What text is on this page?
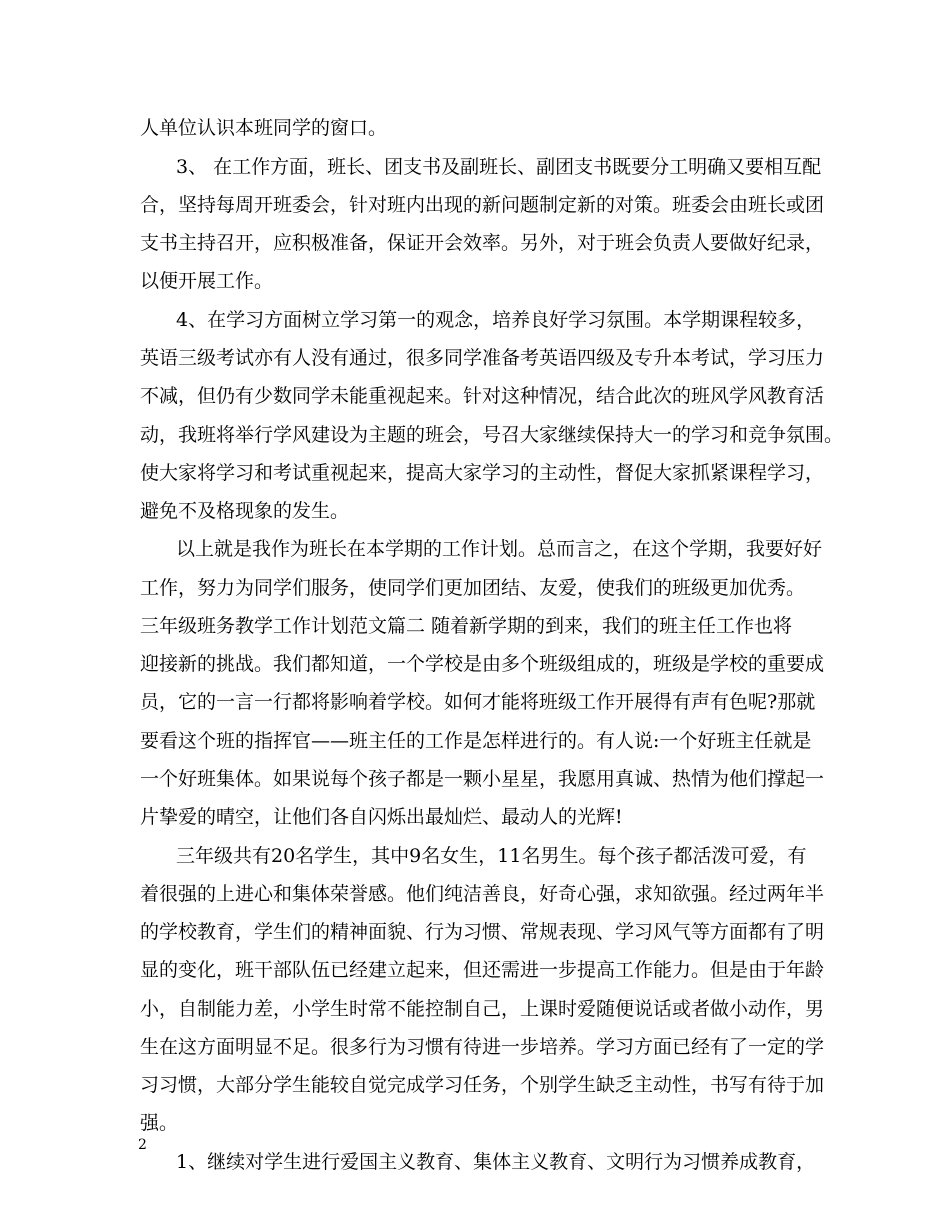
人单位认识本班同学的窗口。
3、 在工作方面，班长、团支书及副班长、副团支书既要分工明确又要相互配
合，坚持每周开班委会，针对班内出现的新问题制定新的对策。班委会由班长或团
支书主持召开，应积极准备，保证开会效率。另外，对于班会负责人要做好纪录，
以便开展工作。
4、在学习方面树立学习第一的观念，培养良好学习氛围。本学期课程较多，
英语三级考试亦有人没有通过，很多同学准备考英语四级及专升本考试，学习压力
不减，但仍有少数同学未能重视起来。针对这种情况，结合此次的班风学风教育活
动，我班将举行学风建设为主题的班会，号召大家继续保持大一的学习和竞争氛围。
使大家将学习和考试重视起来，提高大家学习的主动性，督促大家抓紧课程学习，
避免不及格现象的发生。
以上就是我作为班长在本学期的工作计划。总而言之，在这个学期，我要好好
工作，努力为同学们服务，使同学们更加团结、友爱，使我们的班级更加优秀。
三年级班务教学工作计划范文篇二 随着新学期的到来，我们的班主任工作也将
迎接新的挑战。我们都知道，一个学校是由多个班级组成的，班级是学校的重要成
员，它的一言一行都将影响着学校。如何才能将班级工作开展得有声有色呢?那就
要看这个班的指挥官——班主任的工作是怎样进行的。有人说:一个好班主任就是
一个好班集体。如果说每个孩子都是一颗小星星，我愿用真诚、热情为他们撑起一
片挚爱的晴空，让他们各自闪烁出最灿烂、最动人的光辉!
三年级共有20名学生，其中9名女生，11名男生。每个孩子都活泼可爱，有
着很强的上进心和集体荣誉感。他们纯洁善良，好奇心强，求知欲强。经过两年半
的学校教育，学生们的精神面貌、行为习惯、常规表现、学习风气等方面都有了明
显的变化，班干部队伍已经建立起来，但还需进一步提高工作能力。但是由于年龄
小，自制能力差，小学生时常不能控制自己，上课时爱随便说话或者做小动作，男
生在这方面明显不足。很多行为习惯有待进一步培养。学习方面已经有了一定的学
习习惯，大部分学生能较自觉完成学习任务，个别学生缺乏主动性，书写有待于加
强。
1、继续对学生进行爱国主义教育、集体主义教育、文明行为习惯养成教育，
2
